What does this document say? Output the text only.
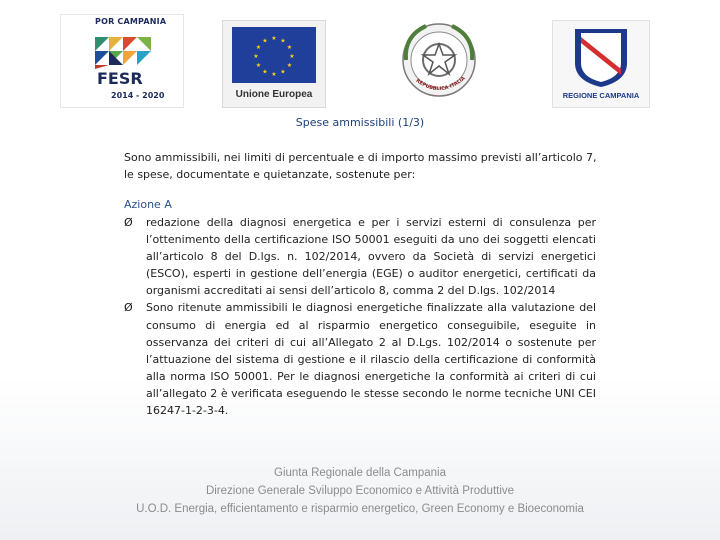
POR CAMPANIA
FESR
2014 - 2020
★ ★
★
★
★
★
★
★
★
★
★
★
Unione Europea
REPUBBLICA ITALIA
REGIONE CAMPANIA
Spese ammissibili (1/3)
Sono ammissibili, nei limiti di percentuale e di importo massimo previsti all’articolo 7, le spese, documentate e quietanzate, sostenute per:
Azione A
Ø redazione della diagnosi energetica e per i servizi esterni di consulenza per l’ottenimento della certificazione ISO 50001 eseguiti da uno dei soggetti elencati all’articolo 8 del D.lgs. n. 102/2014, ovvero da Società di servizi energetici (ESCO), esperti in gestione dell’energia (EGE) o auditor energetici, certificati da organismi accreditati ai sensi dell’articolo 8, comma 2 del D.lgs. 102/2014
Ø Sono ritenute ammissibili le diagnosi energetiche finalizzate alla valutazione del consumo di energia ed al risparmio energetico conseguibile, eseguite in osservanza dei criteri di cui all’Allegato 2 al D.Lgs. 102/2014 o sostenute per l’attuazione del sistema di gestione e il rilascio della certificazione di conformità alla norma ISO 50001. Per le diagnosi energetiche la conformità ai criteri di cui all’allegato 2 è verificata eseguendo le stesse secondo le norme tecniche UNI CEI 16247-1-2-3-4.
Giunta Regionale della Campania
Direzione Generale Sviluppo Economico e Attività Produttive
U.O.D. Energia, efficientamento e risparmio energetico, Green Economy e Bioeconomia
